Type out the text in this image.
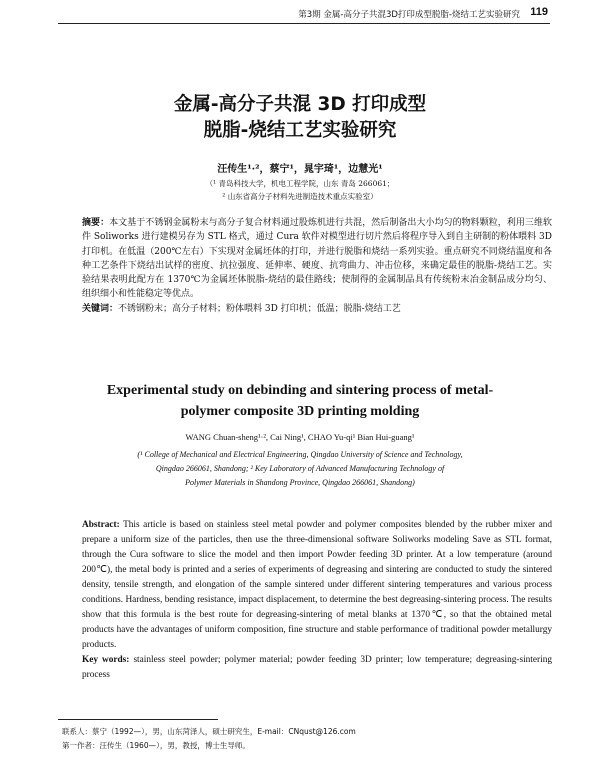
第3期 金属-高分子共混3D打印成型脱脂-烧结工艺实验研究 119
金属-高分子共混 3D 打印成型
脱脂-烧结工艺实验研究
汪传生¹·²，蔡宁¹，晁宇琦¹，边慧光¹
（¹ 青岛科技大学，机电工程学院，山东 青岛 266061；
² 山东省高分子材料先进制造技术重点实验室）

摘要：本文基于不锈钢金属粉末与高分子复合材料通过股炼机进行共混，然后制备出大小均匀的物料颗粒，利用三维软件 Soliworks 进行建模另存为 STL 格式，通过 Cura 软件对模型进行切片然后将程序导入到自主研制的粉体喂料 3D 打印机。在低温（200℃左右）下实现对金属坯体的打印，并进行脱脂和烧结一系列实验。重点研究不同烧结温度和各种工艺条件下烧结出试样的密度、抗拉强度、延伸率、硬度、抗弯曲力、冲击位移，来确定最佳的脱脂-烧结工艺。实验结果表明此配方在 1370℃为金属坯体脱脂-烧结的最佳路线；使制得的金属制品具有传统粉末冶金制品成分均匀、组织细小和性能稳定等优点。

关键词：不锈钢粉末；高分子材料；粉体喂料 3D 打印机；低温；脱脂-烧结工艺

Experimental study on debinding and sintering process of metal-
polymer composite 3D printing molding
WANG Chuan-sheng¹·², Cai Ning¹, CHAO Yu-qi¹ Bian Hui-guang¹
(¹ College of Mechanical and Electrical Engineering, Qingdao University of Science and Technology,
Qingdao 266061, Shandong; ² Key Laboratory of Advanced Manufacturing Technology of
Polymer Materials in Shandong Province, Qingdao 266061, Shandong)

Abstract: This article is based on stainless steel metal powder and polymer composites blended by the rubber mixer and prepare a uniform size of the particles, then use the three-dimensional software Soliworks modeling Save as STL format, through the Cura software to slice the model and then import Powder feeding 3D printer. At a low temperature (around 200℃), the metal body is printed and a series of experiments of degreasing and sintering are conducted to study the sintered density, tensile strength, and elongation of the sample sintered under different sintering temperatures and various process conditions. Hardness, bending resistance, impact displacement, to determine the best degreasing-sintering process. The results show that this formula is the best route for degreasing-sintering of metal blanks at 1370℃, so that the obtained metal products have the advantages of uniform composition, fine structure and stable performance of traditional powder metallurgy products.

Key words: stainless steel powder; polymer material; powder feeding 3D printer; low temperature; degreasing-sintering process

联系人：蔡宁（1992—），男，山东菏泽人，硕士研究生，E-mail：CNqust@126.com
第一作者：汪传生（1960—），男，教授，博士生导师。
